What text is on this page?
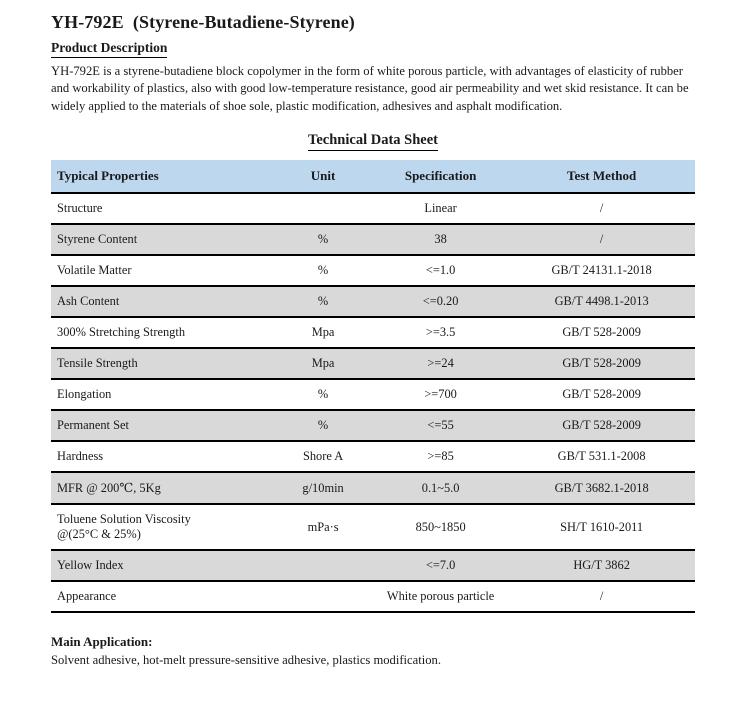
YH-792E  (Styrene-Butadiene-Styrene)
Product Description
YH-792E is a styrene-butadiene block copolymer in the form of white porous particle, with advantages of elasticity of rubber and workability of plastics, also with good low-temperature resistance, good air permeability and wet skid resistance. It can be widely applied to the materials of shoe sole, plastic modification, adhesives and asphalt modification.
Technical Data Sheet
Typical Properties	Unit	Specification	Test Method

Structure		Linear	/

Styrene Content	%	38	/

Volatile Matter	%	<=1.0	GB/T 24131.1-2018

Ash Content	%	<=0.20	GB/T 4498.1-2013

300% Stretching Strength	Mpa	>=3.5	GB/T 528-2009

Tensile Strength	Mpa	>=24	GB/T 528-2009

Elongation	%	>=700	GB/T 528-2009

Permanent Set	%	<=55	GB/T 528-2009

Hardness	Shore A	>=85	GB/T 531.1-2008

MFR @ 200℃, 5Kg	g/10min	0.1~5.0	GB/T 3682.1-2018

Toluene Solution Viscosity
@(25°C & 25%)	mPa·s	850~1850	SH/T 1610-2011

Yellow Index		<=7.0	HG/T 3862

Appearance		White porous particle	/
Main Application:
Solvent adhesive, hot-melt pressure-sensitive adhesive, plastics modification.
